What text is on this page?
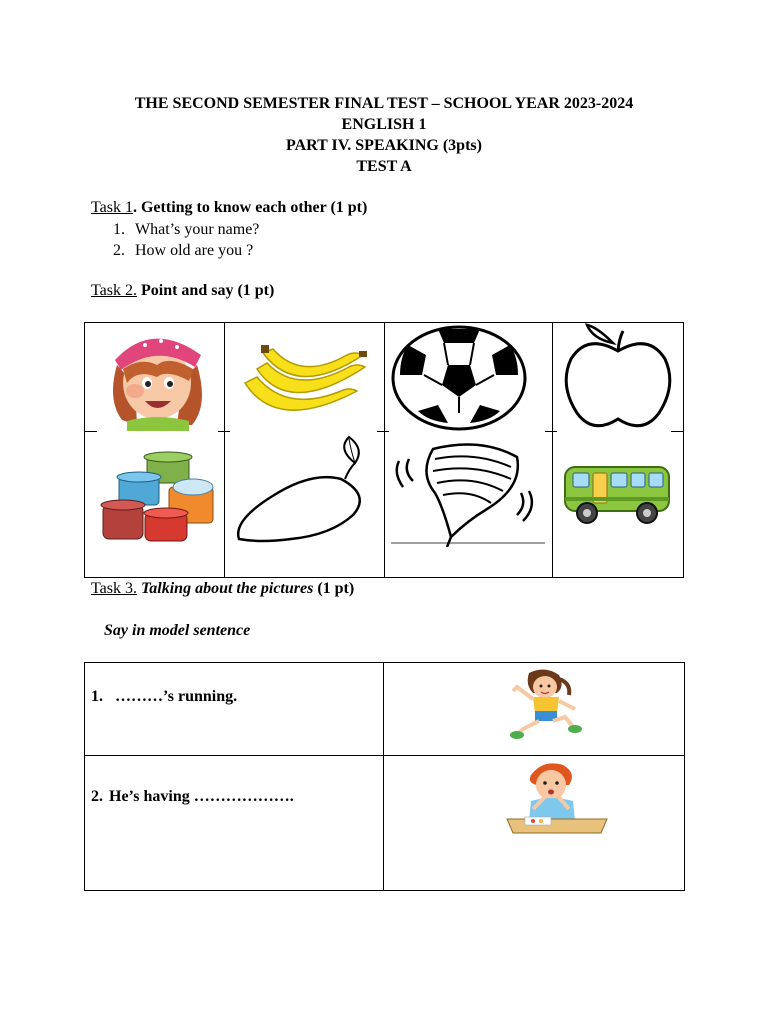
THE SECOND SEMESTER FINAL TEST – SCHOOL YEAR 2023-2024
ENGLISH 1
PART IV. SPEAKING (3pts)
TEST A
Task 1. Getting to know each other (1 pt)
1. What’s your name?
2. How old are you ?
Task 2. Point and say (1 pt)
Task 3. Talking about the pictures (1 pt)
Say in model sentence
1. ………’s running.
2. He’s having ……………….
